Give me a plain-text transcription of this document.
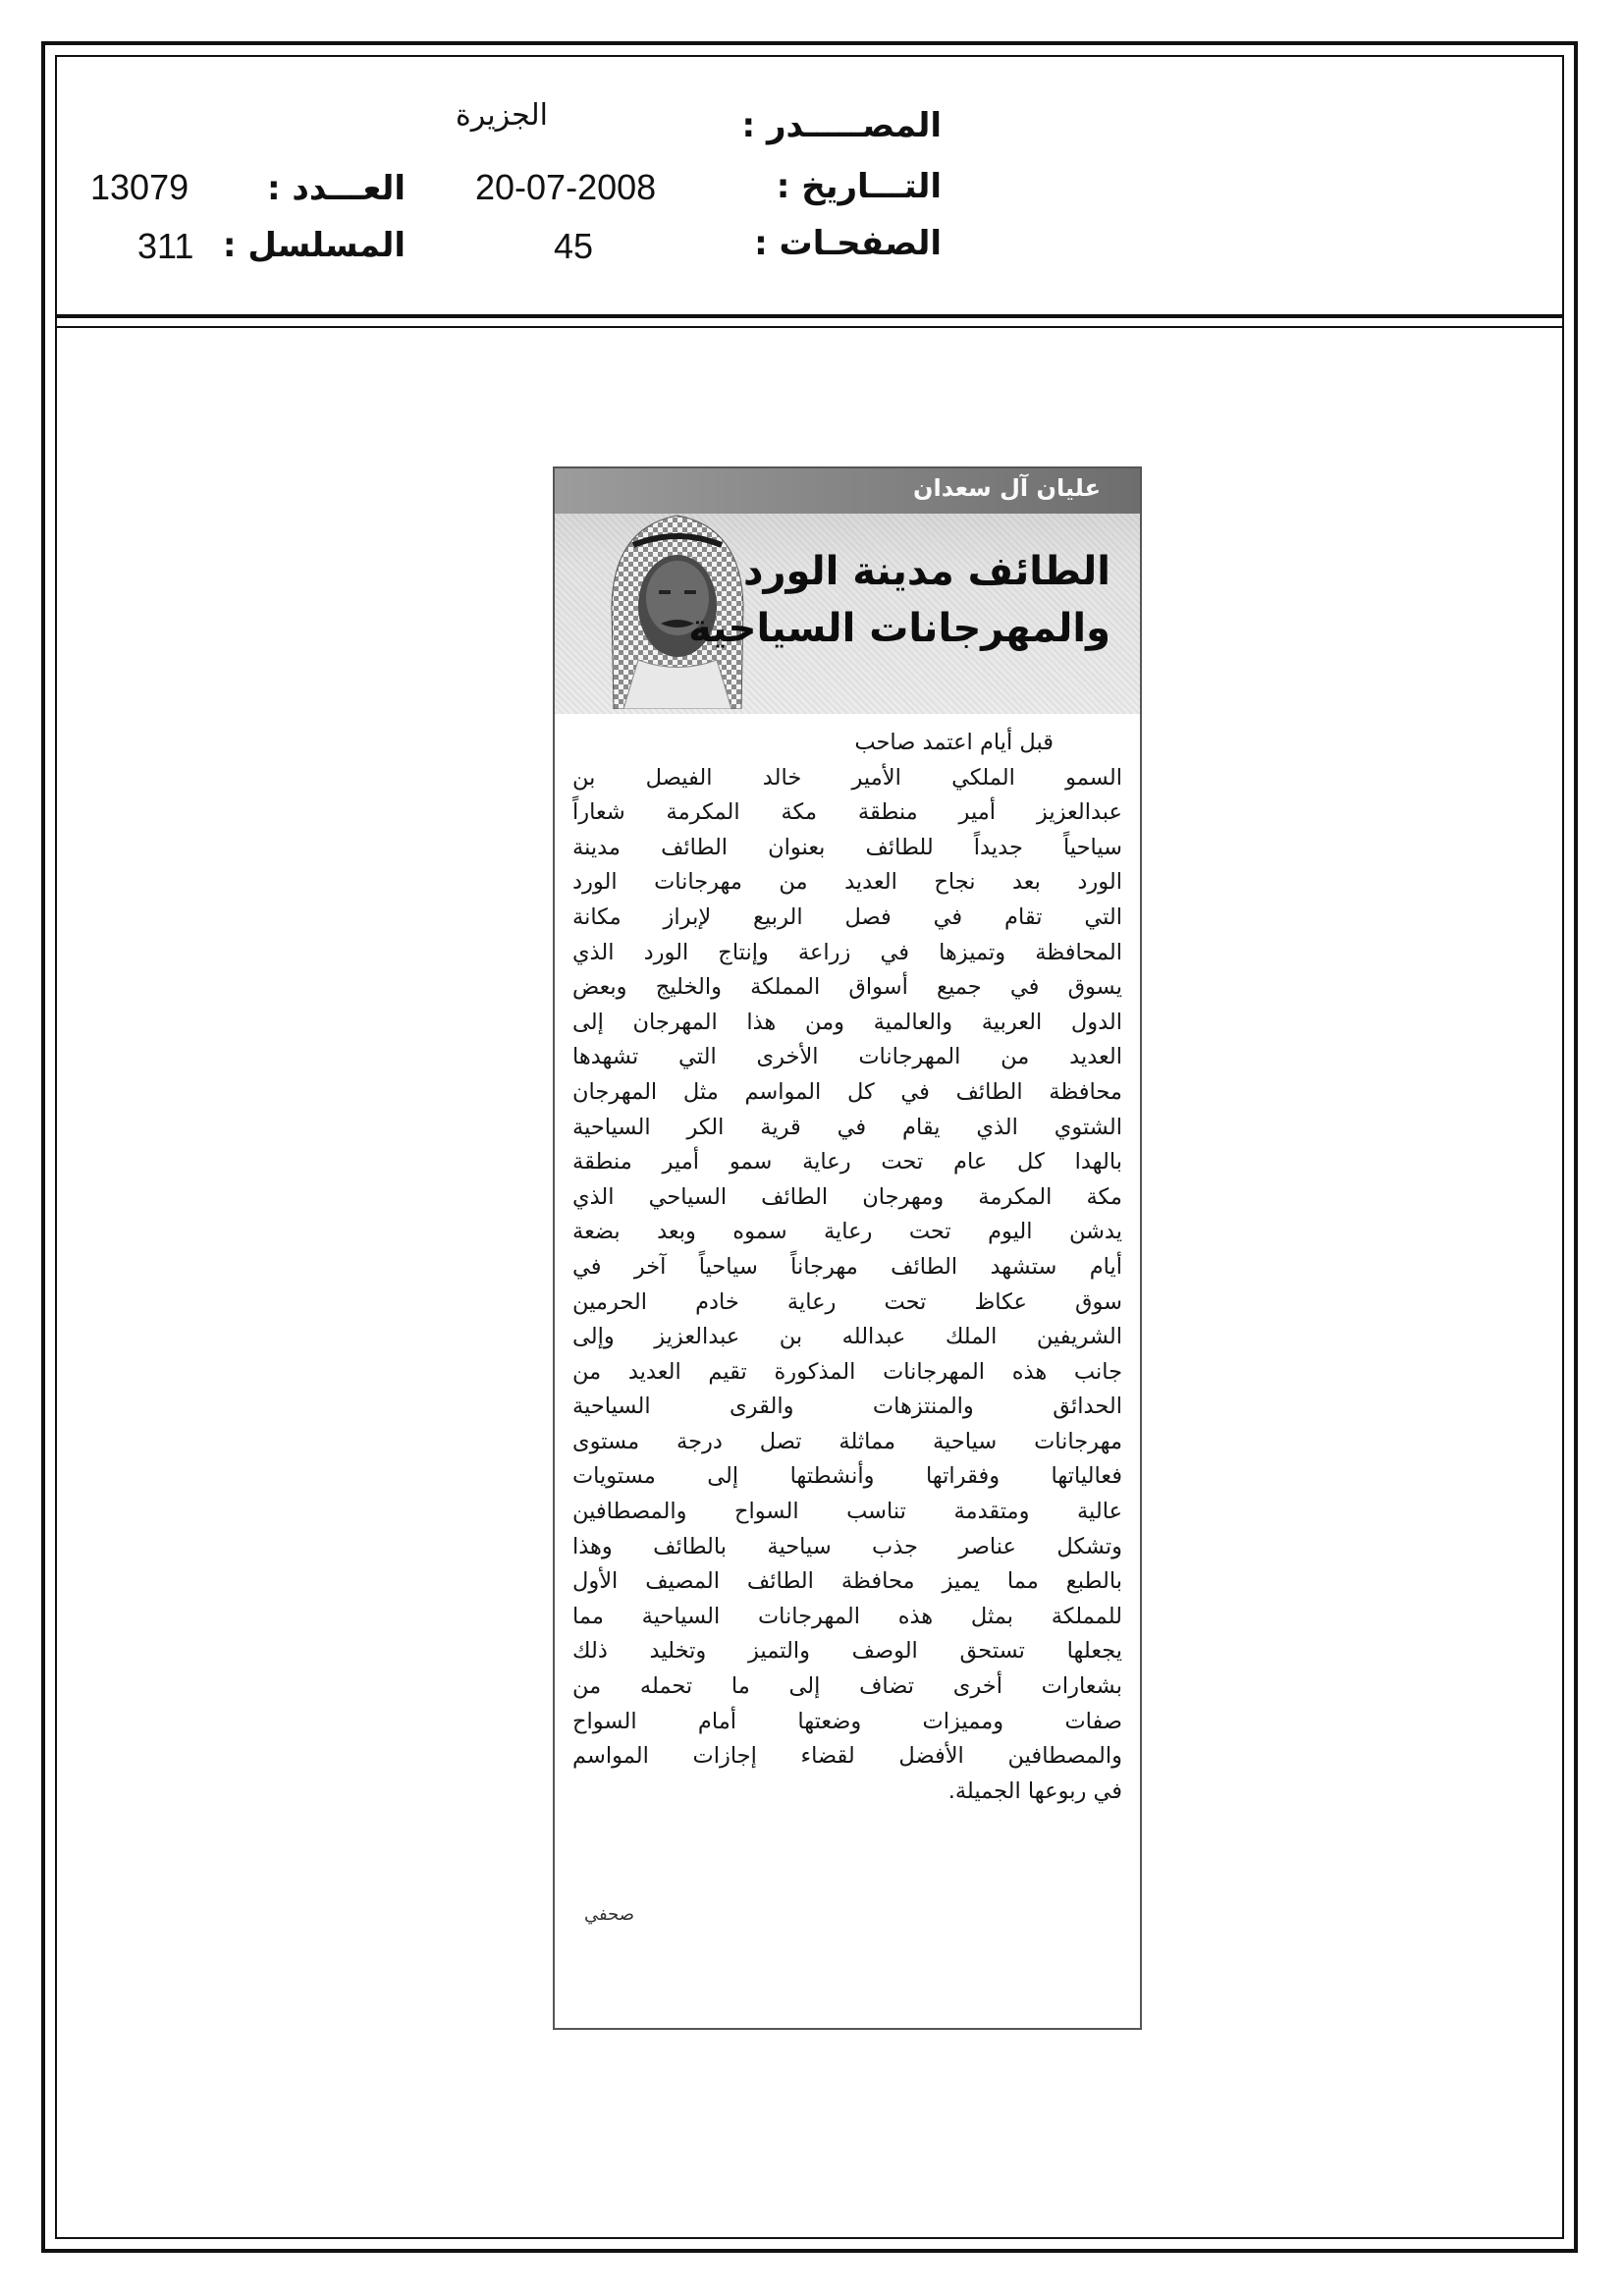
المصـــــدر :
الجزيرة
التـــاريخ :
20-07-2008
العـــدد :
13079
الصفحـات :
45
المسلسل :
311
عليان آل سعدان
الطائف مدينة الورد
والمهرجانات السياحية
قبل أيام اعتمد صاحب
السمو الملكي الأمير خالد الفيصل بن
عبدالعزيز أمير منطقة مكة المكرمة شعاراً
سياحياً جديداً للطائف بعنوان الطائف مدينة
الورد بعد نجاح العديد من مهرجانات الورد
التي تقام في فصل الربيع لإبراز مكانة
المحافظة وتميزها في زراعة وإنتاج الورد الذي
يسوق في جميع أسواق المملكة والخليج وبعض
الدول العربية والعالمية ومن هذا المهرجان إلى
العديد من المهرجانات الأخرى التي تشهدها
محافظة الطائف في كل المواسم مثل المهرجان
الشتوي الذي يقام في قرية الكر السياحية
بالهدا كل عام تحت رعاية سمو أمير منطقة
مكة المكرمة ومهرجان الطائف السياحي الذي
يدشن اليوم تحت رعاية سموه وبعد بضعة
أيام ستشهد الطائف مهرجاناً سياحياً آخر في
سوق عكاظ تحت رعاية خادم الحرمين
الشريفين الملك عبدالله بن عبدالعزيز وإلى
جانب هذه المهرجانات المذكورة تقيم العديد من
الحدائق والمنتزهات والقرى السياحية
مهرجانات سياحية مماثلة تصل درجة مستوى
فعالياتها وفقراتها وأنشطتها إلى مستويات
عالية ومتقدمة تناسب السواح والمصطافين
وتشكل عناصر جذب سياحية بالطائف وهذا
بالطبع مما يميز محافظة الطائف المصيف الأول
للمملكة بمثل هذه المهرجانات السياحية مما
يجعلها تستحق الوصف والتميز وتخليد ذلك
بشعارات أخرى تضاف إلى ما تحمله من
صفات ومميزات وضعتها أمام السواح
والمصطافين الأفضل لقضاء إجازات المواسم
في ربوعها الجميلة.
صحفي
